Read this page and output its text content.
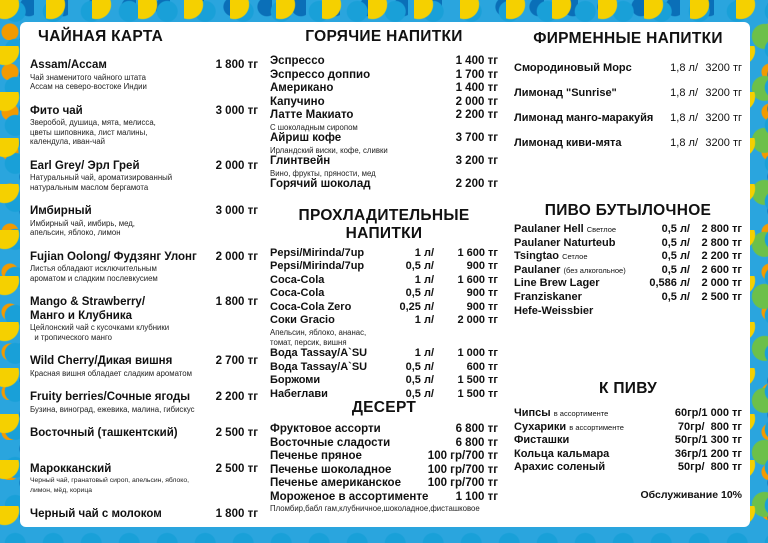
ЧАЙНАЯ КАРТА
Assam/Ассам	1 800 тг
Чай знаменитого чайного штата
Ассам на северо-востоке Индии
Фито чай	3 000 тг
Зверобой, душица, мята, мелисса,
цветы шиповника, лист малины,
календула, иван-чай
Earl Grey/ Эрл Грей	2 000 тг
Натуральный чай, ароматизированный
натуральным маслом бергамота
Имбирный	3 000 тг
Имбирный чай, имбирь, мед,
апельсин, яблоко, лимон
Fujian Oolong/ Фудзянг Улонг 2 000 тг
Листья обладают исключительным
ароматом и сладким послевкусием
Mango & Strawberry/	1 800 тг
Манго и Клубника
Цейлонский чай с кусочками клубники
и тропического манго
Wild Cherry/Дикая вишня	2 700 тг
Красная вишня обладает сладким ароматом
Fruity berries/Сочные ягоды 2 200 тг
Бузина, виноград, ежевика, малина, гибискус
Восточный (ташкентский)	2 500 тг
Марокканский	2 500 тг
Черный чай, гранатовый сироп, апельсин, яблоко,
лимон, мёд, корица
Черный чай с молоком	1 800 тг
ГОРЯЧИЕ НАПИТКИ
Эспрессо	1 400 тг
Эспрессо доппио	1 700 тг
Американо	1 400 тг
Капучино	2 000 тг
Латте Макиато	2 200 тг
С шоколадным сиропом
Айриш кофе	3 700 тг
Ирландский виски, кофе, сливки
Глинтвейн	3 200 тг
Вино, фрукты, пряности, мед
Горячий шоколад	2 200 тг
ПРОХЛАДИТЕЛЬНЫЕ
НАПИТКИ
Pepsi/Mirinda/7up	1 л/	1 600 тг
Pepsi/Mirinda/7up	0,5 л/	900 тг
Coca-Cola	1 л/	1 600 тг
Coca-Cola	0,5 л/	900 тг
Coca-Cola Zero	0,25 л/	900 тг
Соки Gracio	1 л/	2 000 тг
Апельсин, яблоко, ананас, томат, персик, вишня
Вода Tassay/A`SU	1 л/	1 000 тг
Вода Tassay/A`SU	0,5 л/	600 тг
Боржоми	0,5 л/	1 500 тг
Набеглави	0,5 л/	1 500 тг
ДЕСЕРТ
Фруктовое ассорти	6 800 тг
Восточные сладости	6 800 тг
Печенье пряное	100 гр/700 тг
Печенье шоколадное	100 гр/700 тг
Печенье американское 100 гр/700 тг
Мороженое в ассортименте 1 100 тг
Пломбир,бабл гам,клубничное,шоколадное,фисташковое
ФИРМЕННЫЕ НАПИТКИ
Смородиновый Морс	1,8 л/ 3200 тг
Лимонад "Sunrise"	1,8 л/ 3200 тг
Лимонад манго-маракуйя	1,8 л/ 3200 тг
Лимонад киви-мята	1,8 л/ 3200 тг
ПИВО БУТЫЛОЧНОЕ
Paulaner Hell Светлое	0,5 л/	2 800 тг
Paulaner Naturteub	0,5 л/	2 800 тг
Tsingtao Сетлое	0,5 л/	2 200 тг
Paulaner (без алкогольное)	0,5 л/	2 600 тг
Line Brew Lager	0,586 л/	2 000 тг
Franziskaner	0,5 л/	2 500 тг
Hefe-Weissbier
К ПИВУ
Чипсы в ассортименте	60гр/1 000 тг
Сухарики в ассортименте	70гр/  800 тг
Фисташки	50гр/1 300 тг
Кольца кальмара	36гр/1 200 тг
Арахис соленый	50гр/  800 тг
Обслуживание 10%
